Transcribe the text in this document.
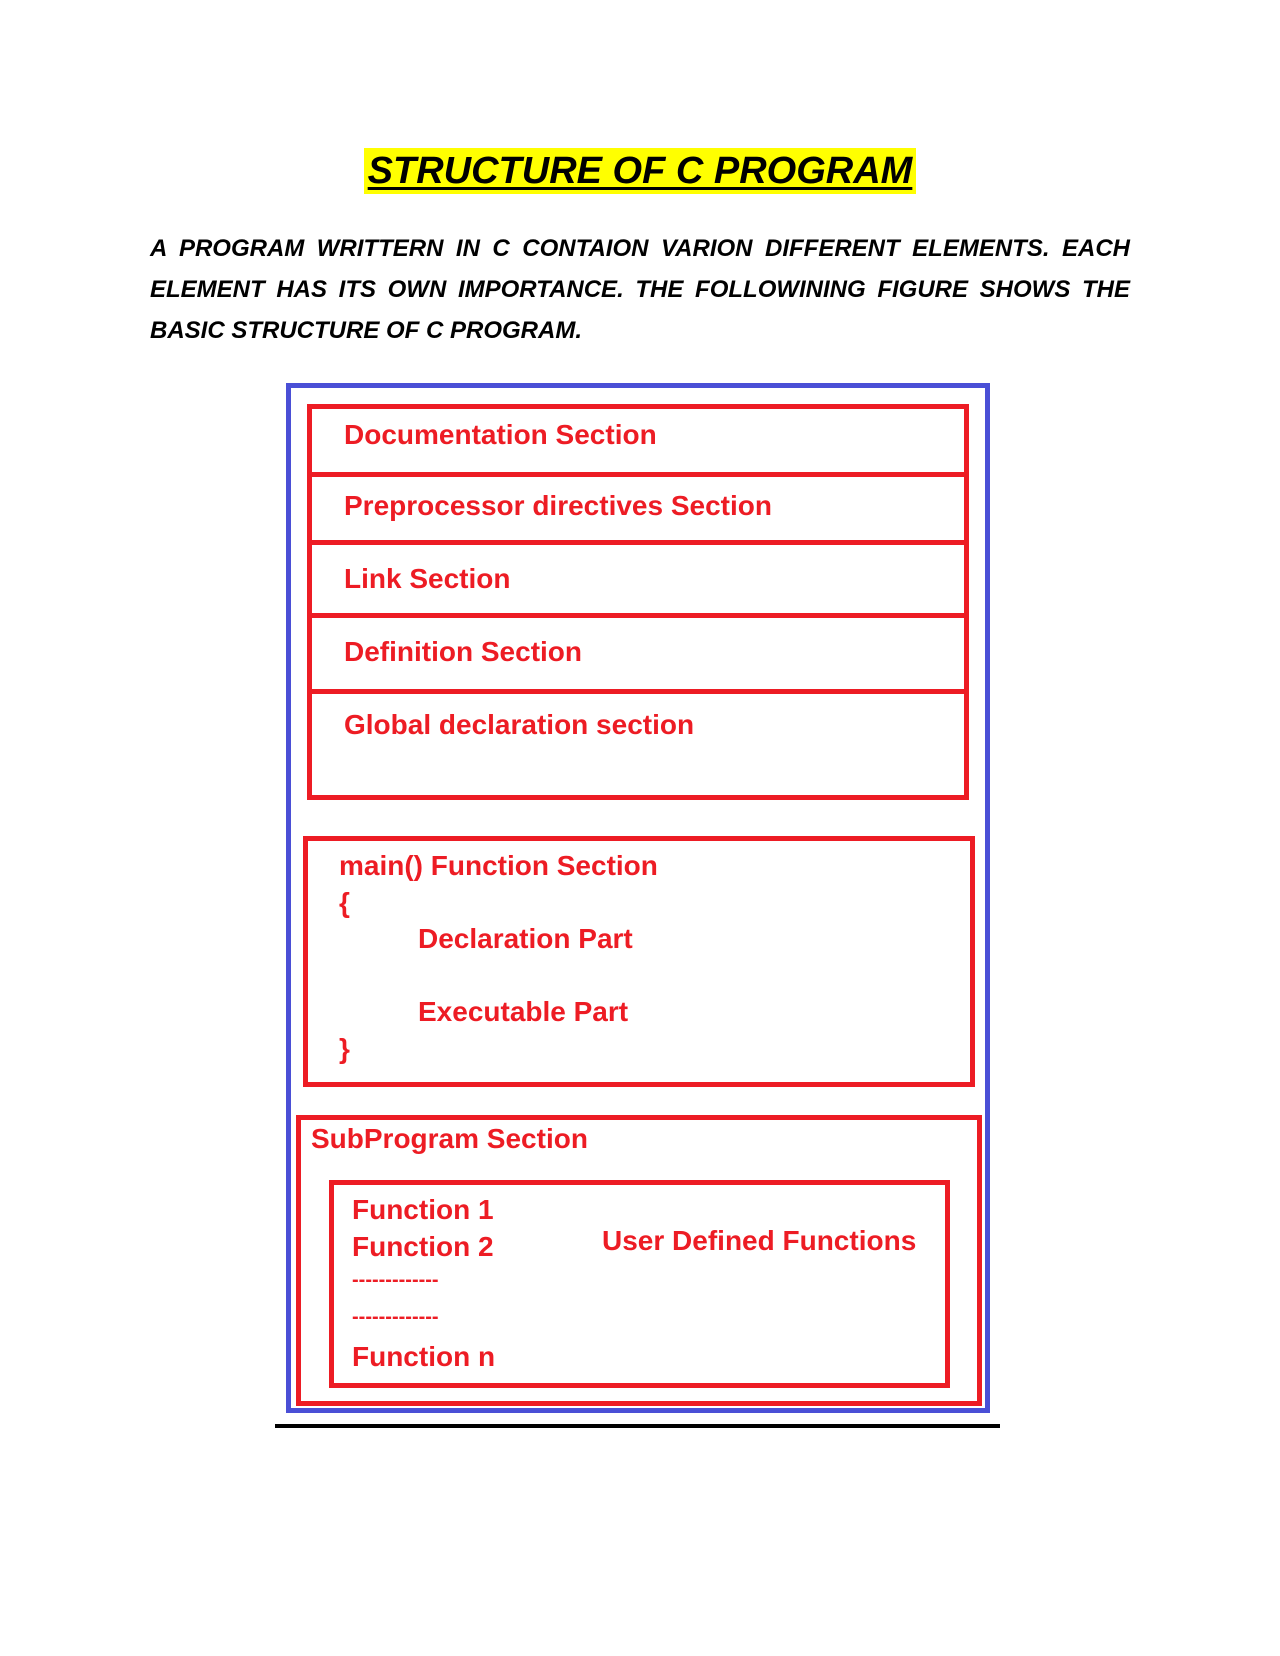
STRUCTURE OF C PROGRAM

A PROGRAM WRITTERN IN C CONTAION VARION DIFFERENT ELEMENTS. EACH ELEMENT HAS ITS OWN IMPORTANCE. THE FOLLOWINING FIGURE SHOWS THE BASIC STRUCTURE OF C PROGRAM.

Documentation Section
Preprocessor directives Section
Link Section
Definition Section
Global declaration section
main() Function Section
{
Declaration Part
Executable Part
}
SubProgram Section
Function 1
Function 2
-------------
-------------
Function n
User Defined Functions
